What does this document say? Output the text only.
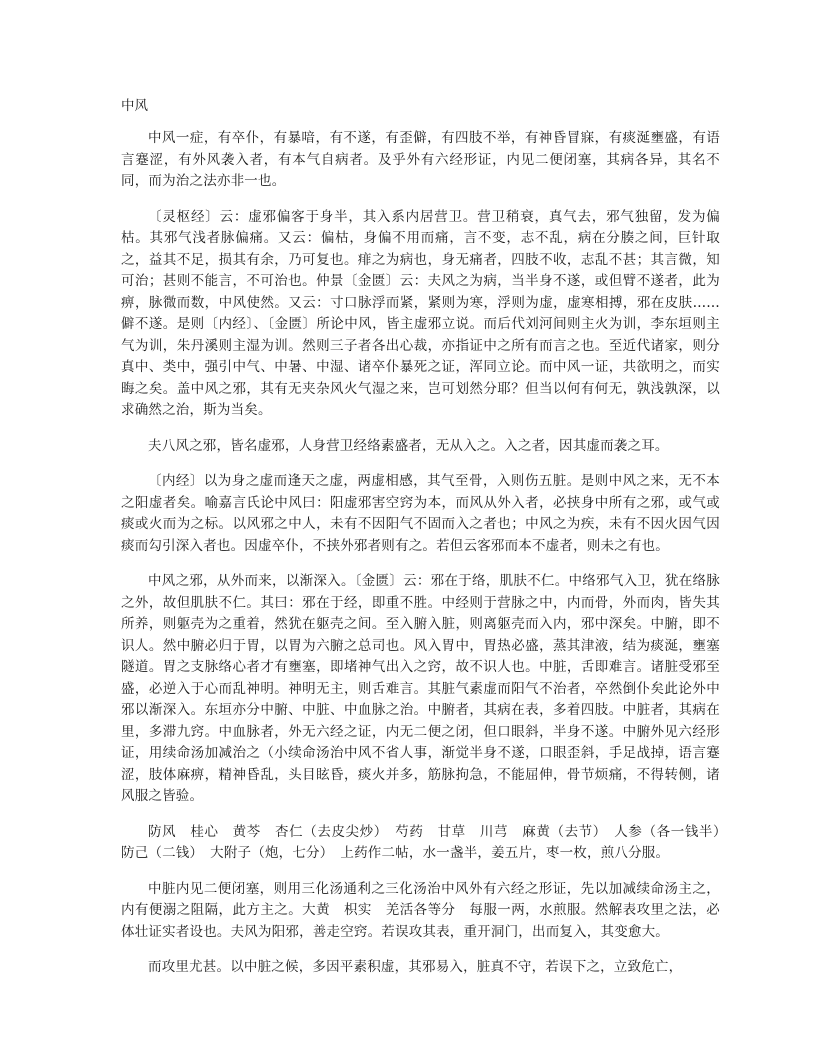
中风

中风一症，有卒仆，有暴喑，有不遂，有歪僻，有四肢不举，有神昏冒寐，有痰涎壅盛，有语言蹇涩，有外风袭入者，有本气自病者。及乎外有六经形证，内见二便闭塞，其病各异，其名不同，而为治之法亦非一也。

〔灵枢经〕云：虚邪偏客于身半，其入系内居营卫。营卫稍衰，真气去，邪气独留，发为偏枯。其邪气浅者脉偏痛。又云：偏枯，身偏不用而痛，言不变，志不乱，病在分腠之间，巨针取之，益其不足，损其有余，乃可复也。痱之为病也，身无痛者，四肢不收，志乱不甚；其言微，知可治；甚则不能言，不可治也。仲景〔金匮〕云：夫风之为病，当半身不遂，或但臂不遂者，此为痹，脉微而数，中风使然。又云：寸口脉浮而紧，紧则为寒，浮则为虚，虚寒相搏，邪在皮肤……　僻不遂。是则〔内经〕、〔金匮〕所论中风，皆主虚邪立说。而后代刘河间则主火为训，李东垣则主气为训，朱丹溪则主湿为训。然则三子者各出心裁，亦指证中之所有而言之也。至近代诸家，则分真中、类中，强引中气、中暑、中湿、诸卒仆暴死之证，浑同立论。而中风一证，共欲明之，而实晦之矣。盖中风之邪，其有无夹杂风火气湿之来，岂可划然分耶？但当以何有何无，孰浅孰深，以求确然之治，斯为当矣。

夫八风之邪，皆名虚邪，人身营卫经络素盛者，无从入之。入之者，因其虚而袭之耳。

〔内经〕以为身之虚而逢天之虚，两虚相感，其气至骨，入则伤五脏。是则中风之来，无不本之阳虚者矣。喻嘉言氏论中风曰：阳虚邪害空窍为本，而风从外入者，必挟身中所有之邪，或气或痰或火而为之标。以风邪之中人，未有不因阳气不固而入之者也；中风之为疾，未有不因火因气因痰而勾引深入者也。因虚卒仆，不挟外邪者则有之。若但云客邪而本不虚者，则未之有也。

中风之邪，从外而来，以渐深入。〔金匮〕云：邪在于络，肌肤不仁。中络邪气入卫，犹在络脉之外，故但肌肤不仁。其曰：邪在于经，即重不胜。中经则于营脉之中，内而骨，外而肉，皆失其所养，则躯壳为之重着，然犹在躯壳之间。至入腑入脏，则离躯壳而入内，邪中深矣。中腑，即不识人。然中腑必归于胃，以胃为六腑之总司也。风入胃中，胃热必盛，蒸其津液，结为痰涎，壅塞隧道。胃之支脉络心者才有壅塞，即堵神气出入之窍，故不识人也。中脏，舌即难言。诸脏受邪至盛，必逆入于心而乱神明。神明无主，则舌难言。其脏气素虚而阳气不治者，卒然倒仆矣此论外中邪以渐深入。东垣亦分中腑、中脏、中血脉之治。中腑者，其病在表，多着四肢。中脏者，其病在里，多滞九窍。中血脉者，外无六经之证，内无二便之闭，但口眼斜，半身不遂。中腑外见六经形证，用续命汤加减治之（小续命汤治中风不省人事，渐觉半身不遂，口眼歪斜，手足战掉，语言蹇涩，肢体麻痹，精神昏乱，头目眩昏，痰火并多，筋脉拘急，不能屈伸，骨节烦痛，不得转侧，诸风服之皆验。

防风　桂心　黄芩　杏仁（去皮尖炒）　芍药　甘草　川芎　麻黄（去节）　人参（各一钱半）　防己（二钱）　大附子（炮，七分）　上药作二帖，水一盏半，姜五片，枣一枚，煎八分服。

中脏内见二便闭塞，则用三化汤通利之三化汤治中风外有六经之形证，先以加减续命汤主之，内有便溺之阻隔，此方主之。大黄　枳实　羌活各等分　每服一两，水煎服。然解表攻里之法，必体壮证实者设也。夫风为阳邪，善走空窍。若误攻其表，重开洞门，出而复入，其变愈大。

而攻里尤甚。以中脏之候，多因平素积虚，其邪易入，脏真不守，若误下之，立致危亡，
